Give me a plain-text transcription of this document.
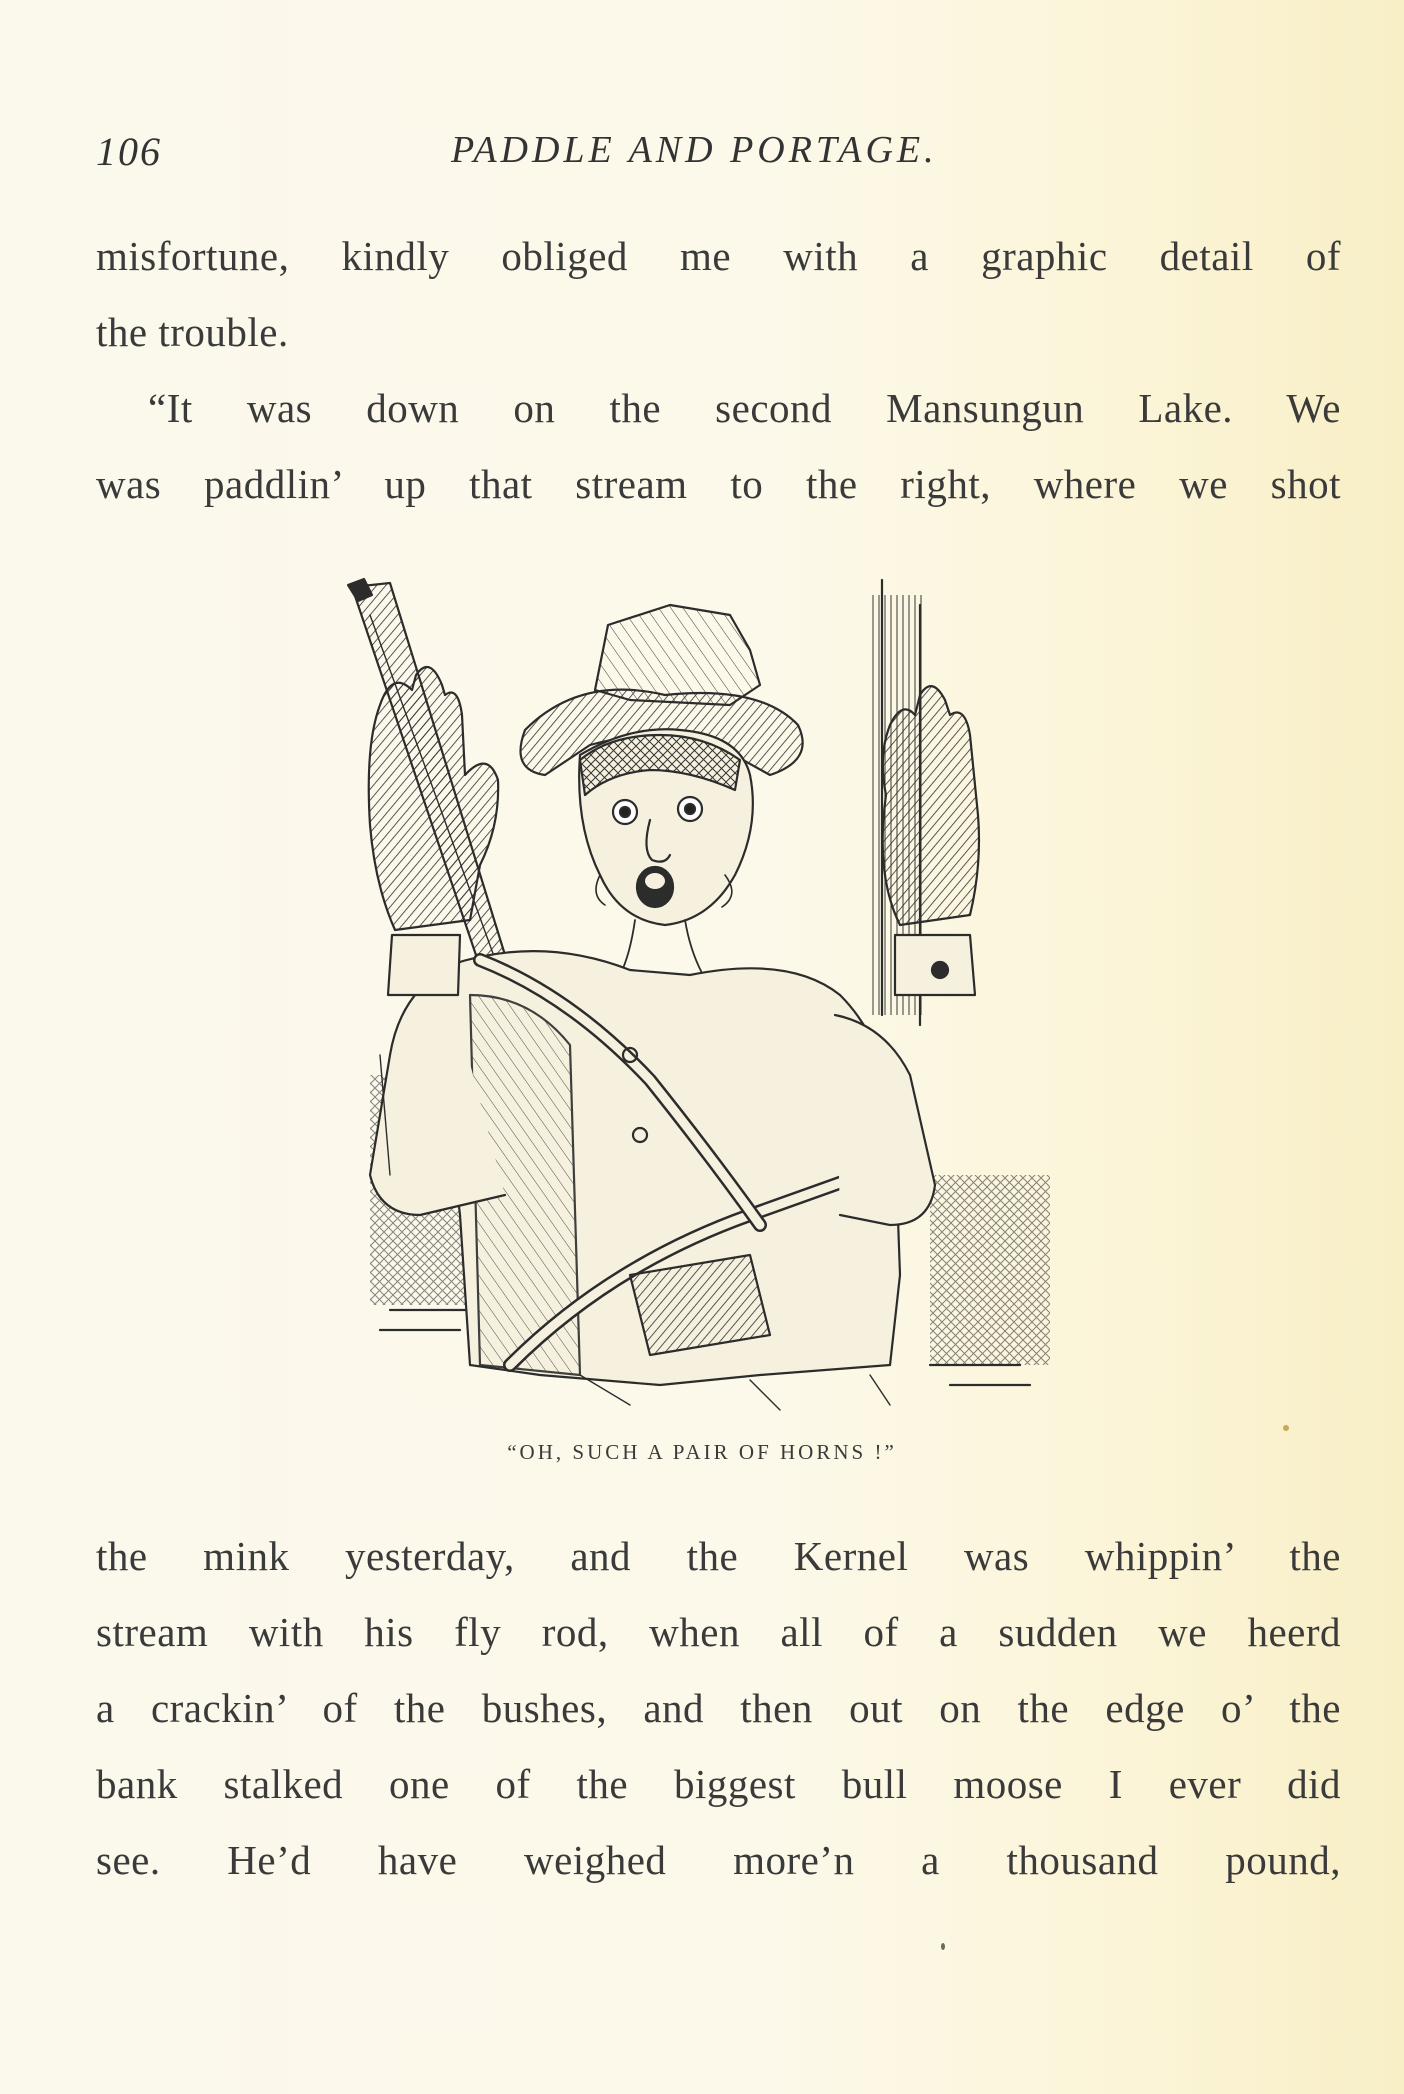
106	PADDLE AND PORTAGE.
misfortune, kindly obliged me with a graphic detail of
the trouble.
“It was down on the second Mansungun Lake. We
was paddlin’ up that stream to the right, where we shot
“OH, SUCH A PAIR OF HORNS !”
the mink yesterday, and the Kernel was whippin’ the
stream with his fly rod, when all of a sudden we heerd
a crackin’ of the bushes, and then out on the edge o’ the
bank stalked one of the biggest bull moose I ever did
see. He’d have weighed more’n a thousand pound,
